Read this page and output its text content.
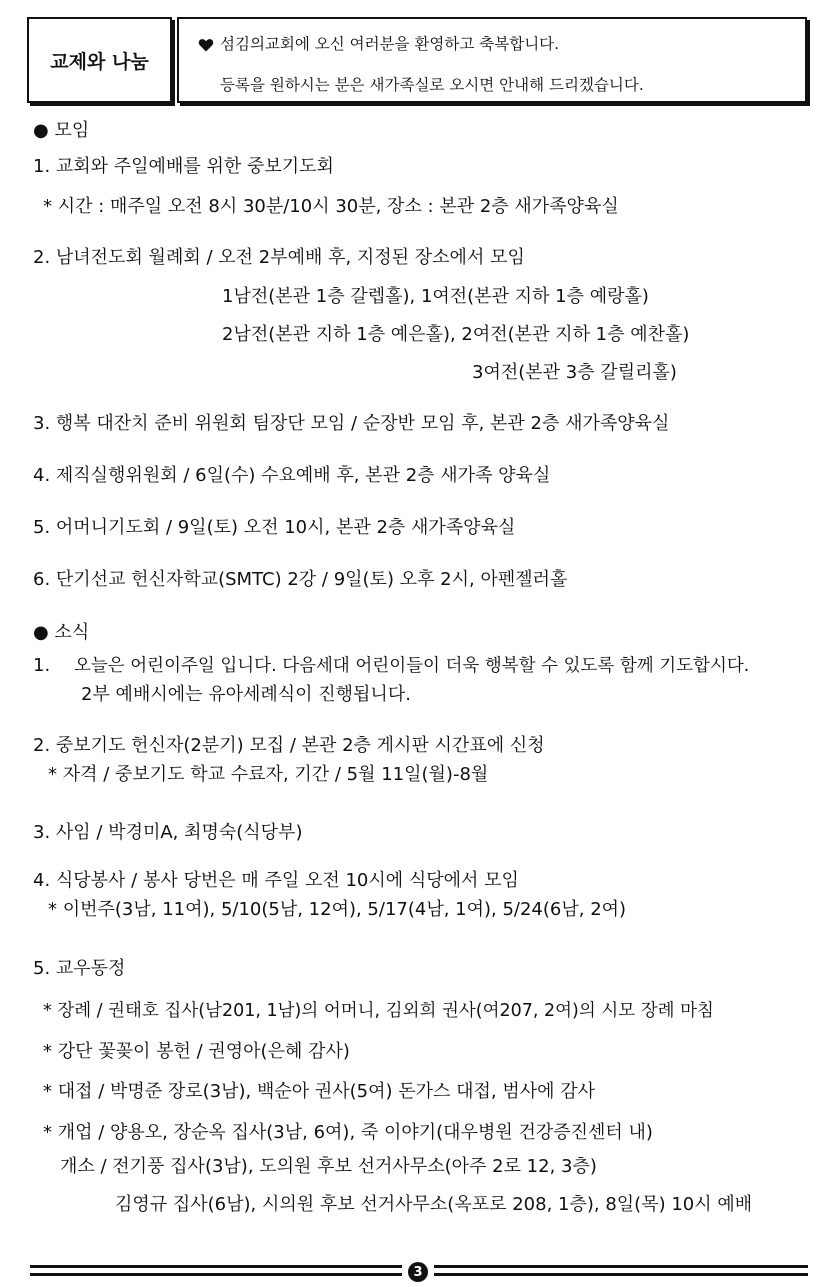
교제와 나눔
섬김의교회에 오신 여러분을 환영하고 축복합니다.
등록을 원하시는 분은 새가족실로 오시면 안내해 드리겠습니다.
● 모임
1. 교회와 주일예배를 위한 중보기도회
* 시간 : 매주일 오전 8시 30분/10시 30분, 장소 : 본관 2층 새가족양육실
2. 남녀전도회 월례회 / 오전 2부예배 후, 지정된 장소에서 모임
1남전(본관 1층 갈렙홀), 1여전(본관 지하 1층 예랑홀)
2남전(본관 지하 1층 예은홀), 2여전(본관 지하 1층 예찬홀)
3여전(본관 3층 갈릴리홀)
3. 행복 대잔치 준비 위원회 팀장단 모임 / 순장반 모임 후, 본관 2층 새가족양육실
4. 제직실행위원회 / 6일(수) 수요예배 후, 본관 2층 새가족 양육실
5. 어머니기도회 / 9일(토) 오전 10시, 본관 2층 새가족양육실
6. 단기선교 헌신자학교(SMTC) 2강 / 9일(토) 오후 2시, 아펜젤러홀
● 소식
1. 오늘은 어린이주일 입니다. 다음세대 어린이들이 더욱 행복할 수 있도록 함께 기도합시다.
2부 예배시에는 유아세례식이 진행됩니다.
2. 중보기도 헌신자(2분기) 모집 / 본관 2층 게시판 시간표에 신청
* 자격 / 중보기도 학교 수료자, 기간 / 5월 11일(월)-8월
3. 사임 / 박경미A, 최명숙(식당부)
4. 식당봉사 / 봉사 당번은 매 주일 오전 10시에 식당에서 모임
* 이번주(3남, 11여), 5/10(5남, 12여), 5/17(4남, 1여), 5/24(6남, 2여)
5. 교우동정
* 장례 / 권태호 집사(남201, 1남)의 어머니, 김외희 권사(여207, 2여)의 시모 장례 마침
* 강단 꽃꽂이 봉헌 / 권영아(은혜 감사)
* 대접 / 박명준 장로(3남), 백순아 권사(5여) 돈가스 대접, 범사에 감사
* 개업 / 양용오, 장순옥 집사(3남, 6여), 죽 이야기(대우병원 건강증진센터 내)
개소 / 전기풍 집사(3남), 도의원 후보 선거사무소(아주 2로 12, 3층)
김영규 집사(6남), 시의원 후보 선거사무소(옥포로 208, 1층), 8일(목) 10시 예배
3
